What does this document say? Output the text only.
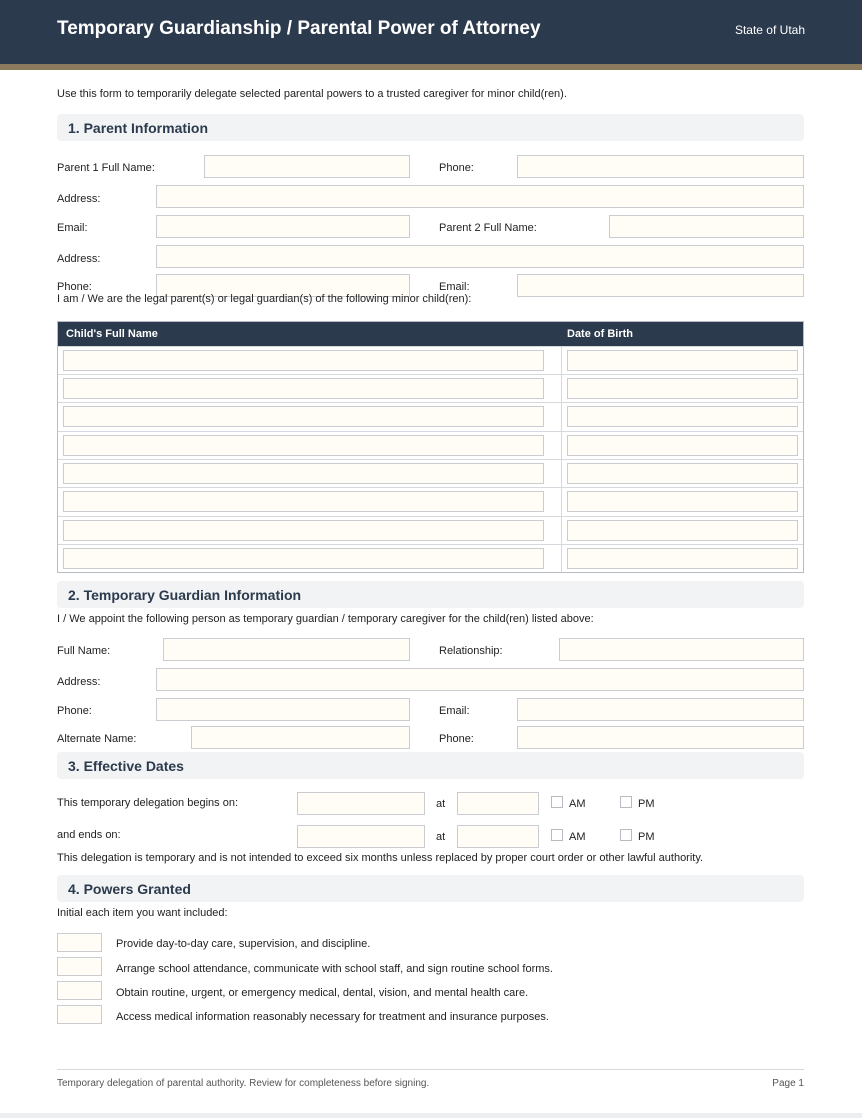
Temporary Guardianship / Parental Power of Attorney	State of Utah
Use this form to temporarily delegate selected parental powers to a trusted caregiver for minor child(ren).
1. Parent Information
Parent 1 Full Name:	Phone:
Address:
Email:	Parent 2 Full Name:
Address:
Phone:	Email:
I am / We are the legal parent(s) or legal guardian(s) of the following minor child(ren):
Child's Full Name	Date of Birth
2. Temporary Guardian Information
I / We appoint the following person as temporary guardian / temporary caregiver for the child(ren) listed above:
Full Name:	Relationship:
Address:
Phone:	Email:
Alternate Name:	Phone:
3. Effective Dates
This temporary delegation begins on:	at	AM	PM
and ends on:	at	AM	PM
This delegation is temporary and is not intended to exceed six months unless replaced by proper court order or other lawful authority.
4. Powers Granted
Initial each item you want included:
Provide day-to-day care, supervision, and discipline.
Arrange school attendance, communicate with school staff, and sign routine school forms.
Obtain routine, urgent, or emergency medical, dental, vision, and mental health care.
Access medical information reasonably necessary for treatment and insurance purposes.
Temporary delegation of parental authority. Review for completeness before signing.	Page 1
